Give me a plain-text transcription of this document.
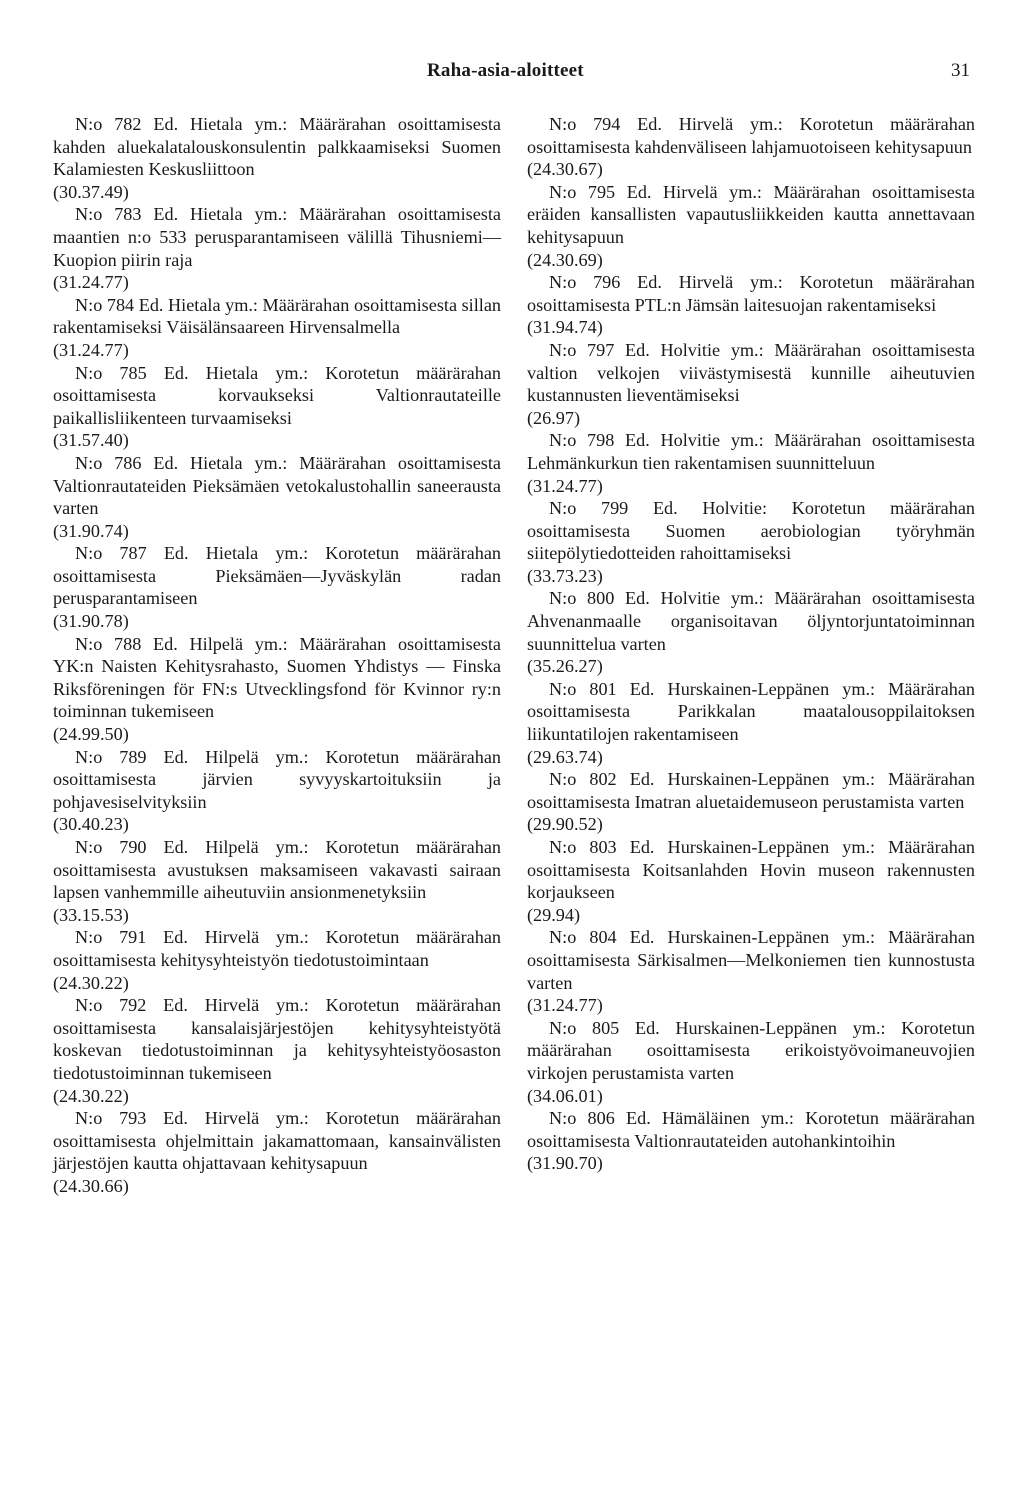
Raha-asia-aloitteet	31

N:o 782 Ed. Hietala ym.: Määrärahan osoittamisesta kahden aluekalatalouskonsulentin palkkaamiseksi Suomen Kalamiesten Keskusliittoon
(30.37.49)

N:o 783 Ed. Hietala ym.: Määrärahan osoittamisesta maantien n:o 533 perusparantamiseen välillä Tihusniemi—Kuopion piirin raja
(31.24.77)

N:o 784 Ed. Hietala ym.: Määrärahan osoittamisesta sillan rakentamiseksi Väisälänsaareen Hirvensalmella
(31.24.77)

N:o 785 Ed. Hietala ym.: Korotetun määrärahan osoittamisesta korvaukseksi Valtionrautateille paikallisliikenteen turvaamiseksi
(31.57.40)

N:o 786 Ed. Hietala ym.: Määrärahan osoittamisesta Valtionrautateiden Pieksämäen vetokalustohallin saneerausta varten
(31.90.74)

N:o 787 Ed. Hietala ym.: Korotetun määrärahan osoittamisesta Pieksämäen—Jyväskylän radan perusparantamiseen
(31.90.78)

N:o 788 Ed. Hilpelä ym.: Määrärahan osoittamisesta YK:n Naisten Kehitysrahasto, Suomen Yhdistys — Finska Riksföreningen för FN:s Utvecklingsfond för Kvinnor ry:n toiminnan tukemiseen
(24.99.50)

N:o 789 Ed. Hilpelä ym.: Korotetun määrärahan osoittamisesta järvien syvyyskartoituksiin ja pohjavesiselvityksiin
(30.40.23)

N:o 790 Ed. Hilpelä ym.: Korotetun määrärahan osoittamisesta avustuksen maksamiseen vakavasti sairaan lapsen vanhemmille aiheutuviin ansionmenetyksiin
(33.15.53)

N:o 791 Ed. Hirvelä ym.: Korotetun määrärahan osoittamisesta kehitysyhteistyön tiedotustoimintaan
(24.30.22)

N:o 792 Ed. Hirvelä ym.: Korotetun määrärahan osoittamisesta kansalaisjärjestöjen kehitysyhteistyötä koskevan tiedotustoiminnan ja kehitysyhteistyöosaston tiedotustoiminnan tukemiseen
(24.30.22)

N:o 793 Ed. Hirvelä ym.: Korotetun määrärahan osoittamisesta ohjelmittain jakamattomaan, kansainvälisten järjestöjen kautta ohjattavaan kehitysapuun
(24.30.66)

N:o 794 Ed. Hirvelä ym.: Korotetun määrärahan osoittamisesta kahdenväliseen lahjamuotoiseen kehitysapuun
(24.30.67)

N:o 795 Ed. Hirvelä ym.: Määrärahan osoittamisesta eräiden kansallisten vapautusliikkeiden kautta annettavaan kehitysapuun
(24.30.69)

N:o 796 Ed. Hirvelä ym.: Korotetun määrärahan osoittamisesta PTL:n Jämsän laitesuojan rakentamiseksi
(31.94.74)

N:o 797 Ed. Holvitie ym.: Määrärahan osoittamisesta valtion velkojen viivästymisestä kunnille aiheutuvien kustannusten lieventämiseksi
(26.97)

N:o 798 Ed. Holvitie ym.: Määrärahan osoittamisesta Lehmänkurkun tien rakentamisen suunnitteluun
(31.24.77)

N:o 799 Ed. Holvitie: Korotetun määrärahan osoittamisesta Suomen aerobiologian työryhmän siitepölytiedotteiden rahoittamiseksi
(33.73.23)

N:o 800 Ed. Holvitie ym.: Määrärahan osoittamisesta Ahvenanmaalle organisoitavan öljyntorjuntatoiminnan suunnittelua varten
(35.26.27)

N:o 801 Ed. Hurskainen-Leppänen ym.: Määrärahan osoittamisesta Parikkalan maatalousoppilaitoksen liikuntatilojen rakentamiseen
(29.63.74)

N:o 802 Ed. Hurskainen-Leppänen ym.: Määrärahan osoittamisesta Imatran aluetaidemuseon perustamista varten
(29.90.52)

N:o 803 Ed. Hurskainen-Leppänen ym.: Määrärahan osoittamisesta Koitsanlahden Hovin museon rakennusten korjaukseen
(29.94)

N:o 804 Ed. Hurskainen-Leppänen ym.: Määrärahan osoittamisesta Särkisalmen—Melkoniemen tien kunnostusta varten
(31.24.77)

N:o 805 Ed. Hurskainen-Leppänen ym.: Korotetun määrärahan osoittamisesta erikoistyövoimaneuvojien virkojen perustamista varten
(34.06.01)

N:o 806 Ed. Hämäläinen ym.: Korotetun määrärahan osoittamisesta Valtionrautateiden autohankintoihin
(31.90.70)
